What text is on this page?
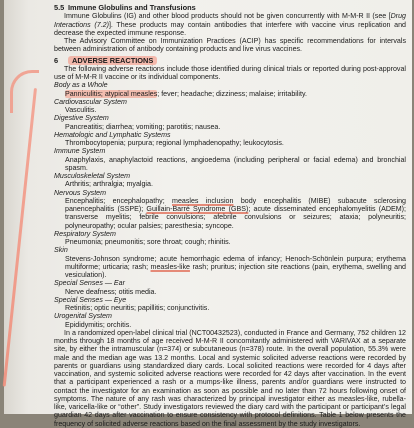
5.5 Immune Globulins and Transfusions

Immune Globulins (IG) and other blood products should not be given concurrently with M-M-R II (see [Drug Interactions (7.2)]. These products may contain antibodies that interfere with vaccine virus replication and decrease the expected immune response.

The Advisory Committee on Immunization Practices (ACIP) has specific recommendations for intervals between administration of antibody containing products and live virus vaccines.

6 ADVERSE REACTIONS

The following adverse reactions include those identified during clinical trials or reported during post-approval use of M-M-R II vaccine or its individual components.

Body as a Whole
Panniculitis; atypical measles; fever; headache; dizziness; malaise; irritability.
Cardiovascular System
Vasculitis.
Digestive System
Pancreatitis; diarrhea; vomiting; parotitis; nausea.
Hematologic and Lymphatic Systems
Thrombocytopenia; purpura; regional lymphadenopathy; leukocytosis.
Immune System
Anaphylaxis, anaphylactoid reactions, angioedema (including peripheral or facial edema) and bronchial spasm.
Musculoskeletal System
Arthritis; arthralgia; myalgia.
Nervous System
Encephalitis; encephalopathy; measles inclusion body encephalitis (MIBE) subacute sclerosing panencephalitis (SSPE); Guillain-Barré Syndrome (GBS); acute disseminated encephalomyelitis (ADEM); transverse myelitis; febrile convulsions; afebrile convulsions or seizures; ataxia; polyneuritis; polyneuropathy; ocular palsies; paresthesia; syncope.
Respiratory System
Pneumonia; pneumonitis; sore throat; cough; rhinitis.
Skin
Stevens-Johnson syndrome; acute hemorrhagic edema of infancy; Henoch-Schönlein purpura; erythema multiforme; urticaria; rash; measles-like rash; pruritus; injection site reactions (pain, erythema, swelling and vesiculation).
Special Senses — Ear
Nerve deafness; otitis media.
Special Senses — Eye
Retinitis; optic neuritis; papillitis; conjunctivitis.
Urogenital System
Epididymitis; orchitis.

In a randomized open-label clinical trial (NCT00432523), conducted in France and Germany, 752 children 12 months through 18 months of age received M-M-R II concomitantly administered with VARIVAX at a separate site, by either the intramuscular (n=374) or subcutaneous (n=378) route. In the overall population, 55.3% were male and the median age was 13.2 months. Local and systemic solicited adverse reactions were recorded by parents or guardians using standardized diary cards. Local solicited reactions were recorded for 4 days after vaccination, and systemic solicited adverse reactions were recorded for 42 days after vaccination. In the event that a participant experienced a rash or a mumps-like illness, parents and/or guardians were instructed to contact the investigator for an examination as soon as possible and no later than 72 hours following onset of symptoms. The nature of any rash was characterized by principal investigator either as measles-like, rubella-like, varicella-like or “other”. Study investigators reviewed the diary card with the participant or participant’s legal guardian 42 days after vaccination to ensure consistency with protocol definitions. Table 1 below presents the frequency of solicited adverse reactions based on the final assessment by the study investigators.
